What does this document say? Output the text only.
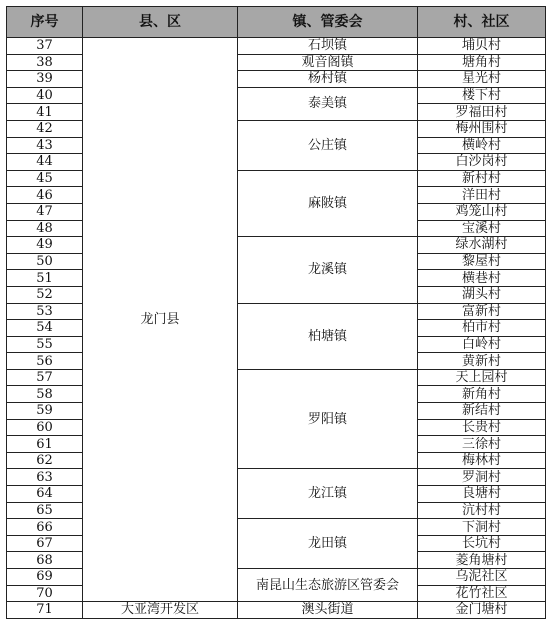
序号	县、区	镇、管委会	村、社区
37	龙门县	石坝镇	埔贝村
38		观音阁镇	塘角村
39		杨村镇	星光村
40		泰美镇	楼下村
41			罗福田村
42		公庄镇	梅州围村
43			横岭村
44			白沙岗村
45		麻陂镇	新村村
46			洋田村
47			鸡笼山村
48			宝溪村
49		龙溪镇	绿水湖村
50			黎屋村
51			横巷村
52			湖头村
53		柏塘镇	富新村
54			柏市村
55			白岭村
56			黄新村
57		罗阳镇	天上园村
58			新角村
59			新结村
60			长贵村
61			三徐村
62			梅林村
63		龙江镇	罗洞村
64			良塘村
65			沆村村
66		龙田镇	下洞村
67			长坑村
68			菱角塘村
69		南昆山生态旅游区管委会	乌泥社区
70			花竹社区
71	大亚湾开发区	澳头街道	金门塘村
